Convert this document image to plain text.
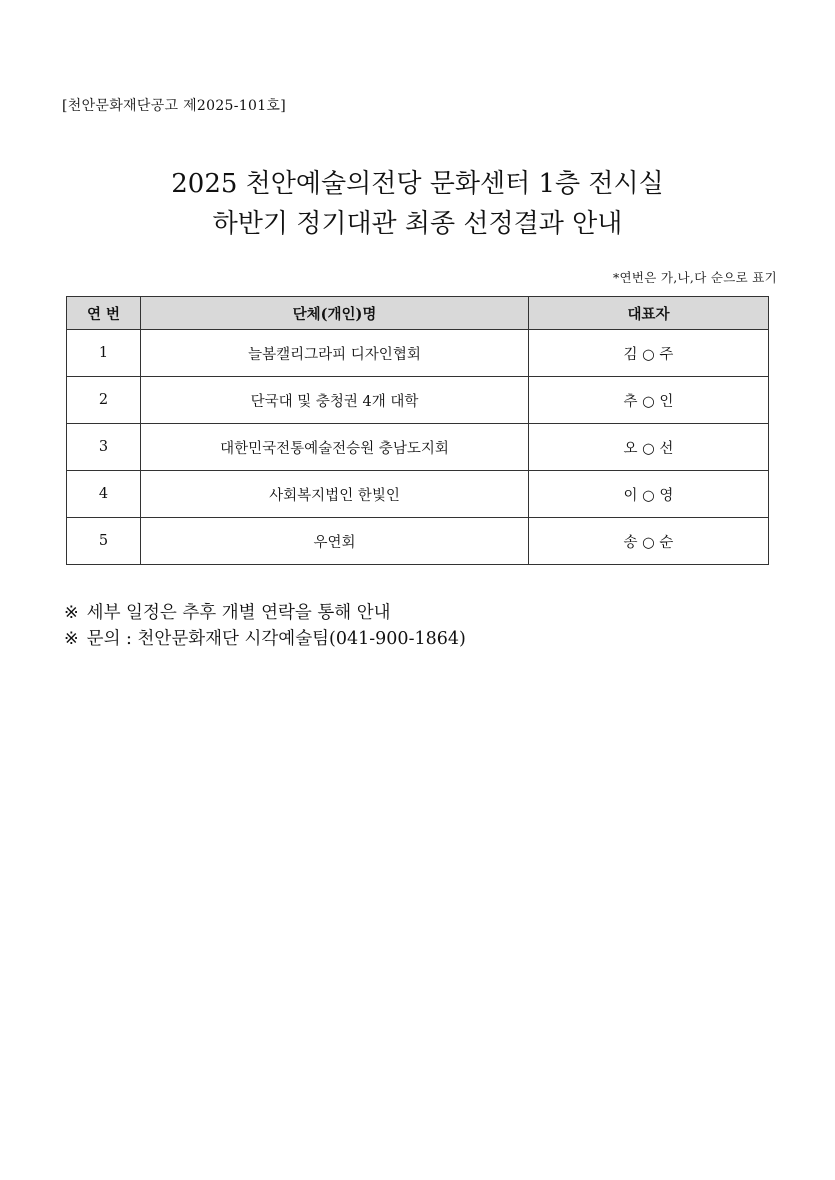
[천안문화재단공고 제2025-101호]
2025 천안예술의전당 문화센터 1층 전시실
하반기 정기대관 최종 선정결과 안내
*연번은 가,나,다 순으로 표기
연 번	단체(개인)명	대표자
1	늘봄캘리그라피 디자인협회	김 ○ 주
2	단국대 및 충청권 4개 대학	추 ○ 인
3	대한민국전통예술전승원 충남도지회	오 ○ 선
4	사회복지법인 한빛인	이 ○ 영
5	우연회	송 ○ 순
※ 세부 일정은 추후 개별 연락을 통해 안내
※ 문의 : 천안문화재단 시각예술팀(041-900-1864)
